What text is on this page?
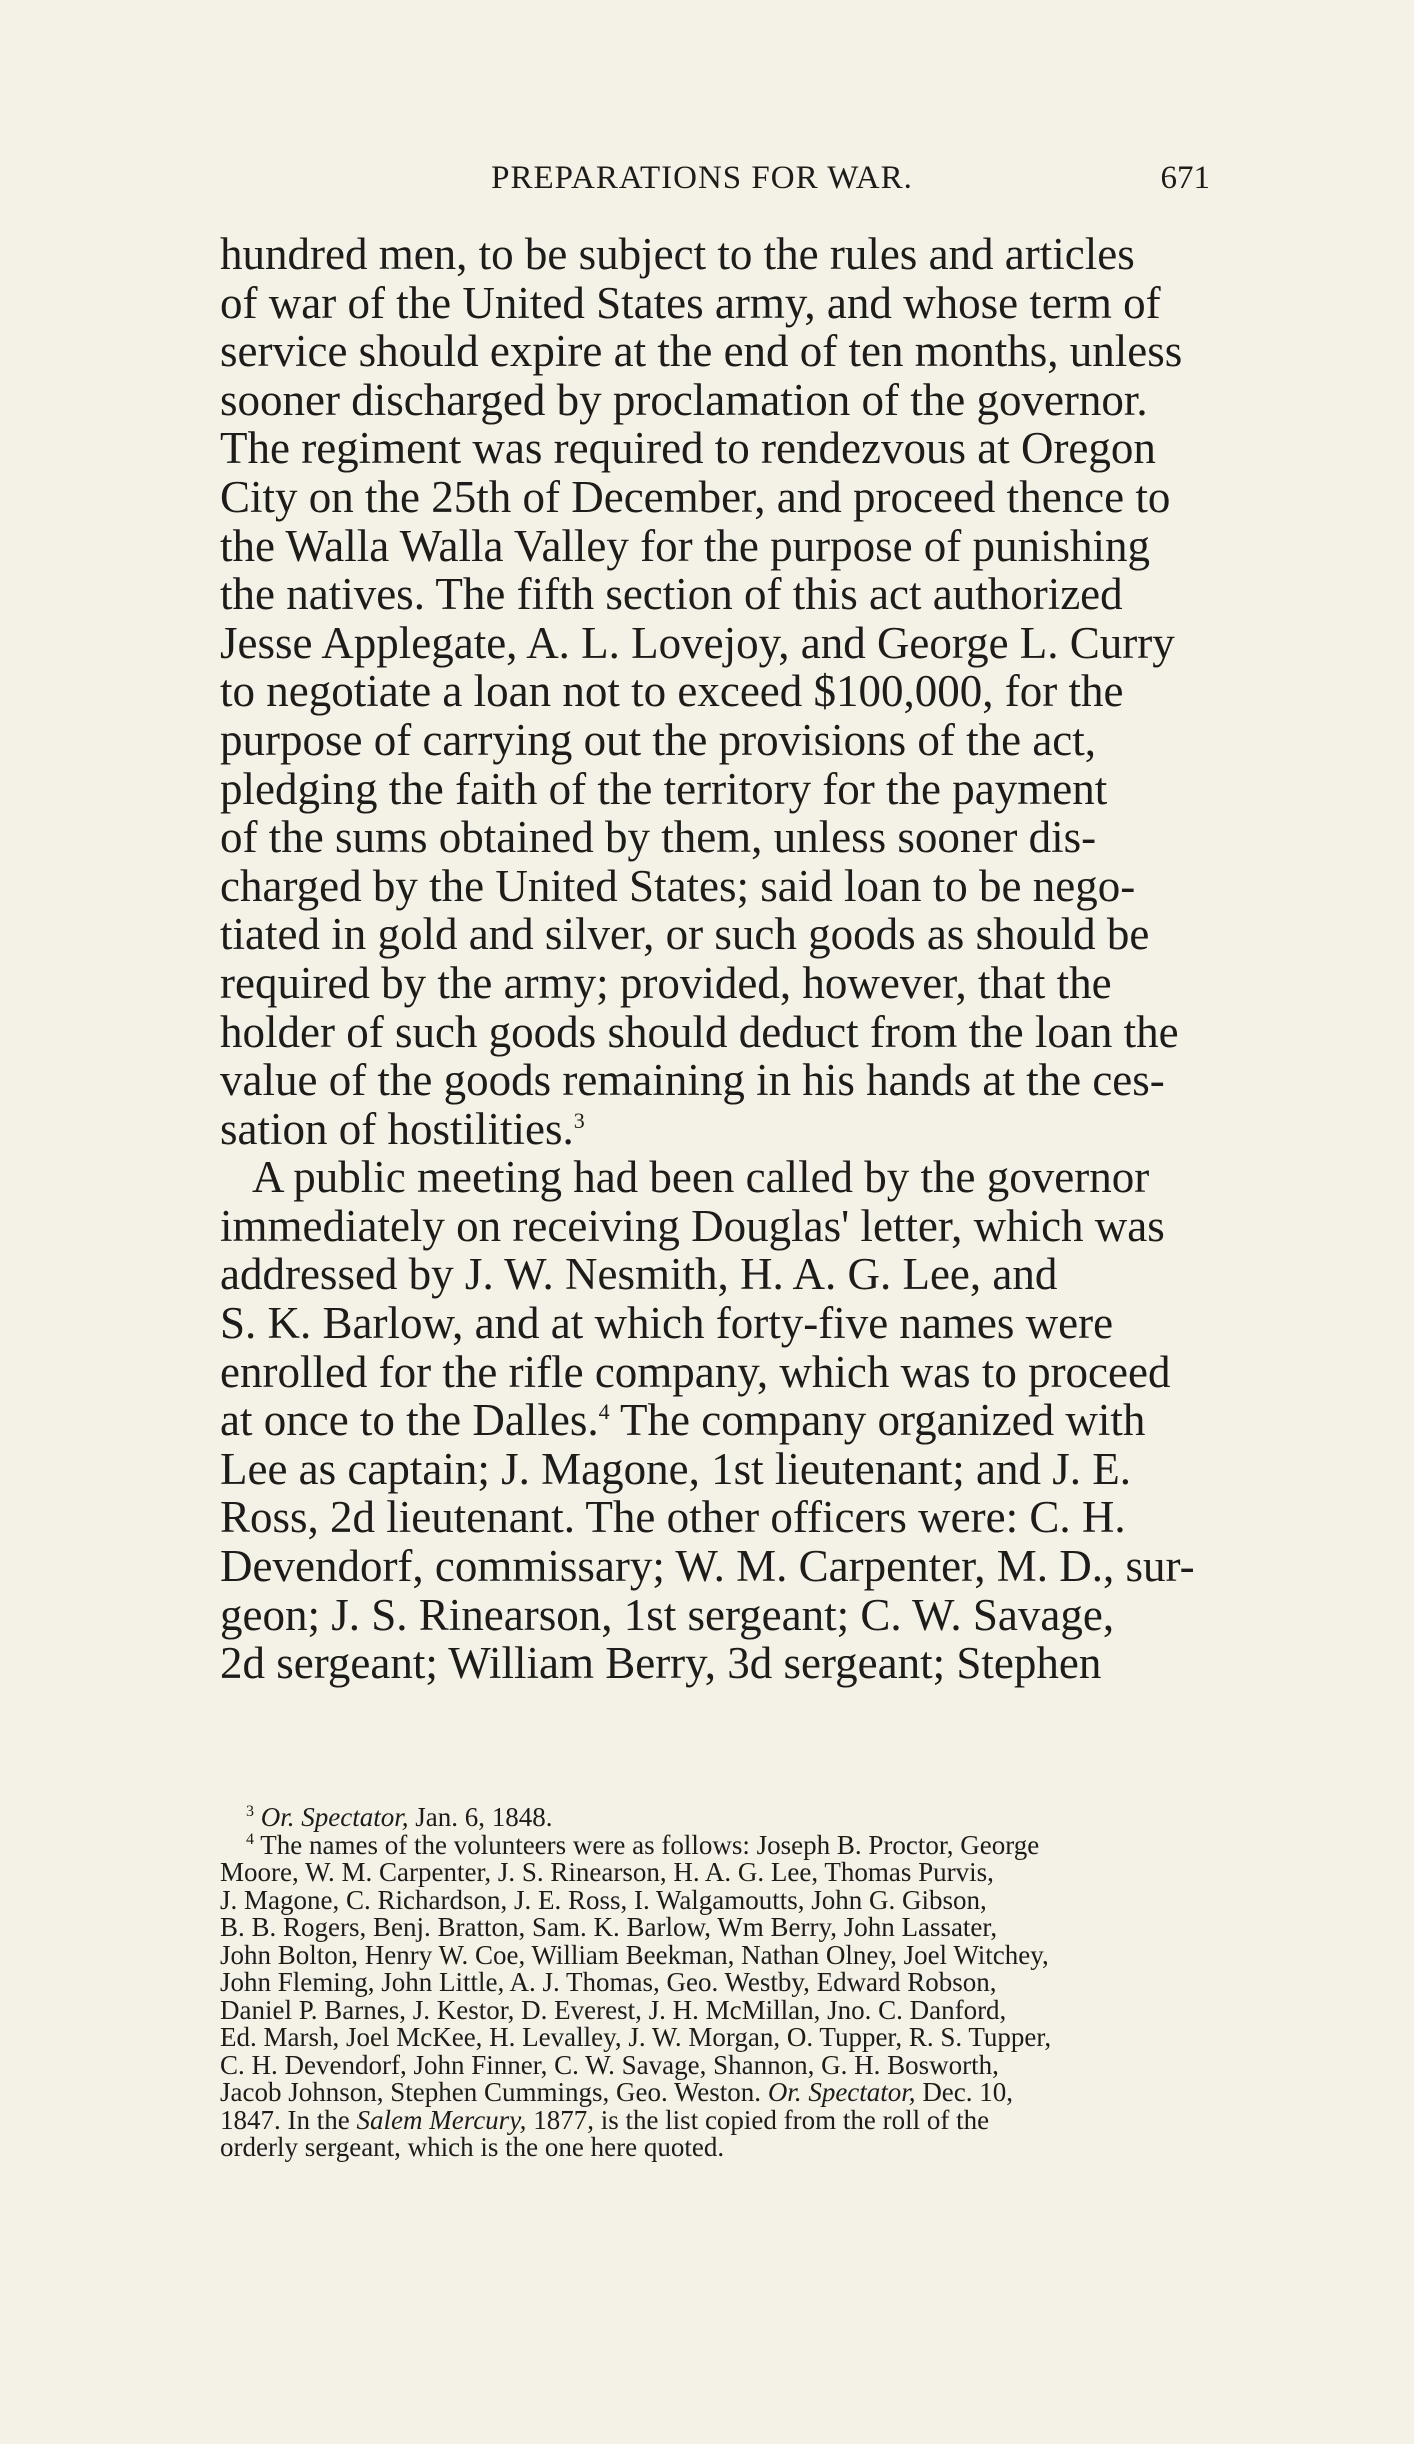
PREPARATIONS FOR WAR.	671
hundred men, to be subject to the rules and articles
of war of the United States army, and whose term of
service should expire at the end of ten months, unless
sooner discharged by proclamation of the governor.
The regiment was required to rendezvous at Oregon
City on the 25th of December, and proceed thence to
the Walla Walla Valley for the purpose of punishing
the natives. The fifth section of this act authorized
Jesse Applegate, A. L. Lovejoy, and George L. Curry
to negotiate a loan not to exceed $100,000, for the
purpose of carrying out the provisions of the act,
pledging the faith of the territory for the payment
of the sums obtained by them, unless sooner dis-
charged by the United States; said loan to be nego-
tiated in gold and silver, or such goods as should be
required by the army; provided, however, that the
holder of such goods should deduct from the loan the
value of the goods remaining in his hands at the ces-
sation of hostilities.$^3$
A public meeting had been called by the governor
immediately on receiving Douglas' letter, which was
addressed by J. W. Nesmith, H. A. G. Lee, and
S. K. Barlow, and at which forty-five names were
enrolled for the rifle company, which was to proceed
at once to the Dalles.$^4$ The company organized with
Lee as captain; J. Magone, 1st lieutenant; and J. E.
Ross, 2d lieutenant. The other officers were: C. H.
Devendorf, commissary; W. M. Carpenter, M. D., sur-
geon; J. S. Rinearson, 1st sergeant; C. W. Savage,
2d sergeant; William Berry, 3d sergeant; Stephen
$^3$ Or. Spectator, Jan. 6, 1848.
$^4$ The names of the volunteers were as follows: Joseph B. Proctor, George
Moore, W. M. Carpenter, J. S. Rinearson, H. A. G. Lee, Thomas Purvis,
J. Magone, C. Richardson, J. E. Ross, I. Walgamoutts, John G. Gibson,
B. B. Rogers, Benj. Bratton, Sam. K. Barlow, Wm Berry, John Lassater,
John Bolton, Henry W. Coe, William Beekman, Nathan Olney, Joel Witchey,
John Fleming, John Little, A. J. Thomas, Geo. Westby, Edward Robson,
Daniel P. Barnes, J. Kestor, D. Everest, J. H. McMillan, Jno. C. Danford,
Ed. Marsh, Joel McKee, H. Levalley, J. W. Morgan, O. Tupper, R. S. Tupper,
C. H. Devendorf, John Finner, C. W. Savage, Shannon, G. H. Bosworth,
Jacob Johnson, Stephen Cummings, Geo. Weston. Or. Spectator, Dec. 10,
1847. In the Salem Mercury, 1877, is the list copied from the roll of the
orderly sergeant, which is the one here quoted.
